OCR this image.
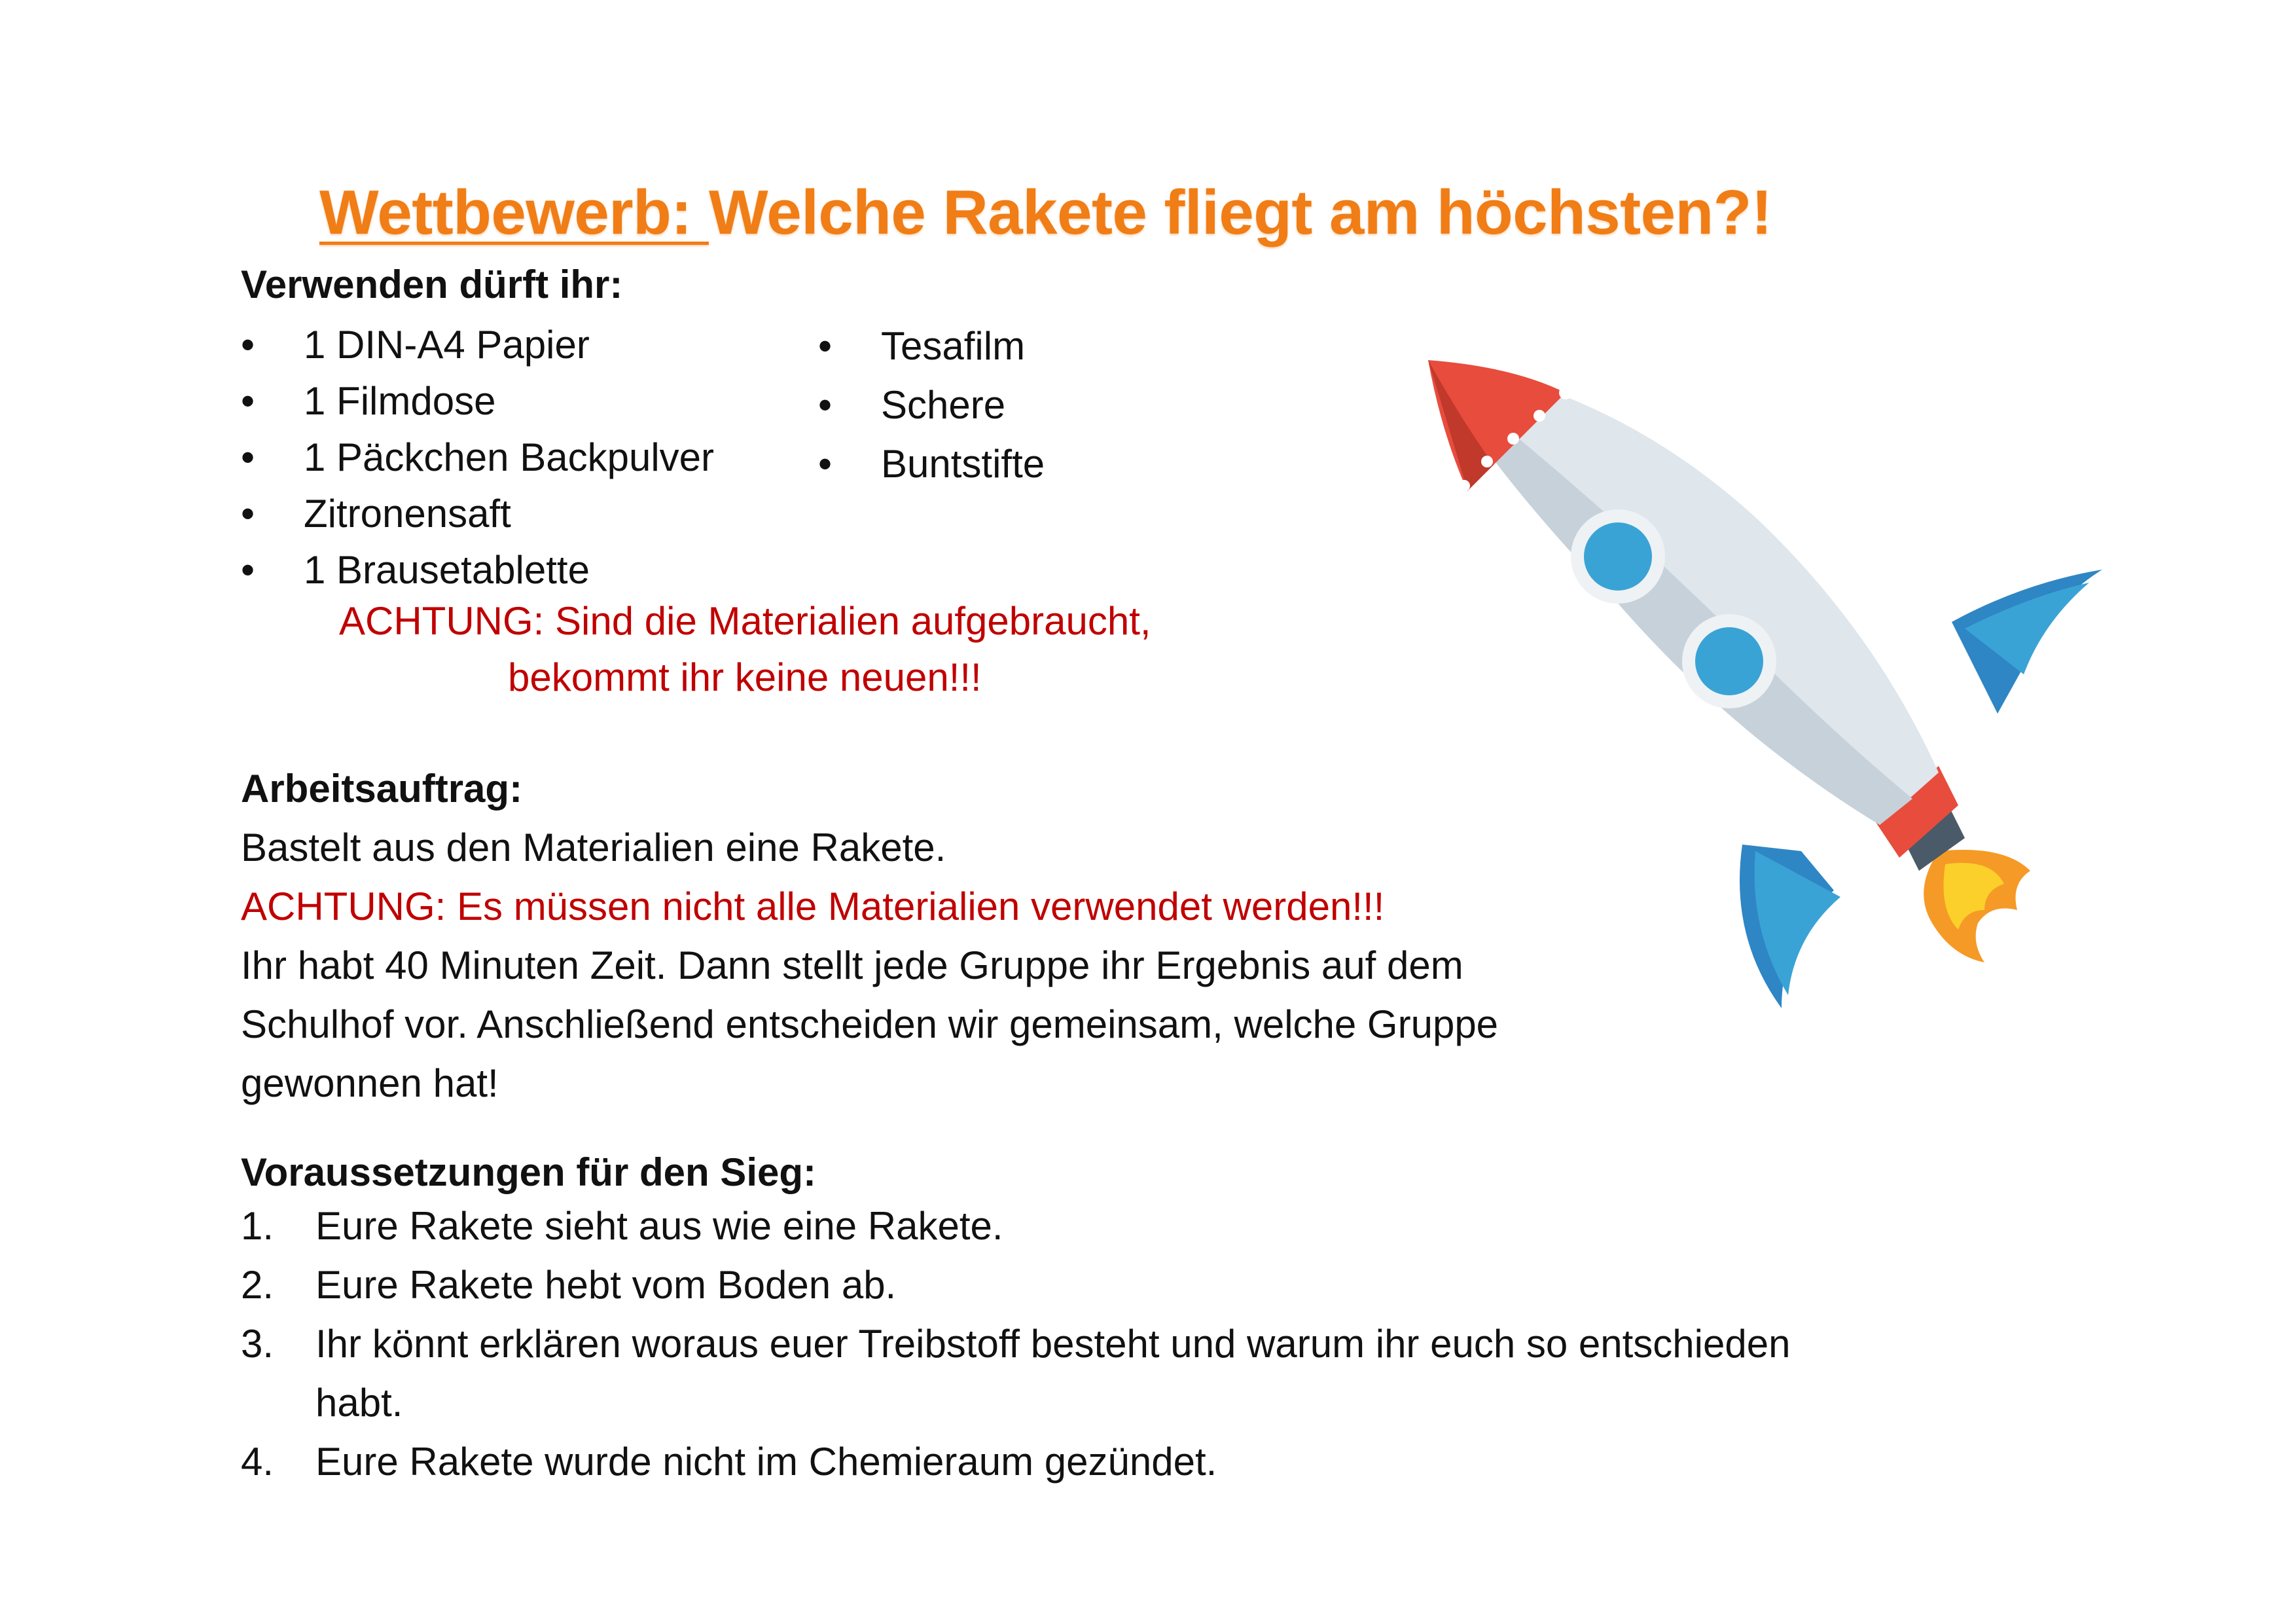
Wettbewerb: Welche Rakete fliegt am höchsten?!
Verwenden dürft ihr:
• 1 DIN-A4 Papier
• 1 Filmdose
• 1 Päckchen Backpulver
• Zitronensaft
• 1 Brausetablette
• Tesafilm
• Schere
• Buntstifte
ACHTUNG: Sind die Materialien aufgebraucht,
bekommt ihr keine neuen!!!
Arbeitsauftrag:
Bastelt aus den Materialien eine Rakete.
ACHTUNG: Es müssen nicht alle Materialien verwendet werden!!!
Ihr habt 40 Minuten Zeit. Dann stellt jede Gruppe ihr Ergebnis auf dem
Schulhof vor. Anschließend entscheiden wir gemeinsam, welche Gruppe
gewonnen hat!
Voraussetzungen für den Sieg:
1. Eure Rakete sieht aus wie eine Rakete.
2. Eure Rakete hebt vom Boden ab.
3. Ihr könnt erklären woraus euer Treibstoff besteht und warum ihr euch so entschieden
habt.
4. Eure Rakete wurde nicht im Chemieraum gezündet.
